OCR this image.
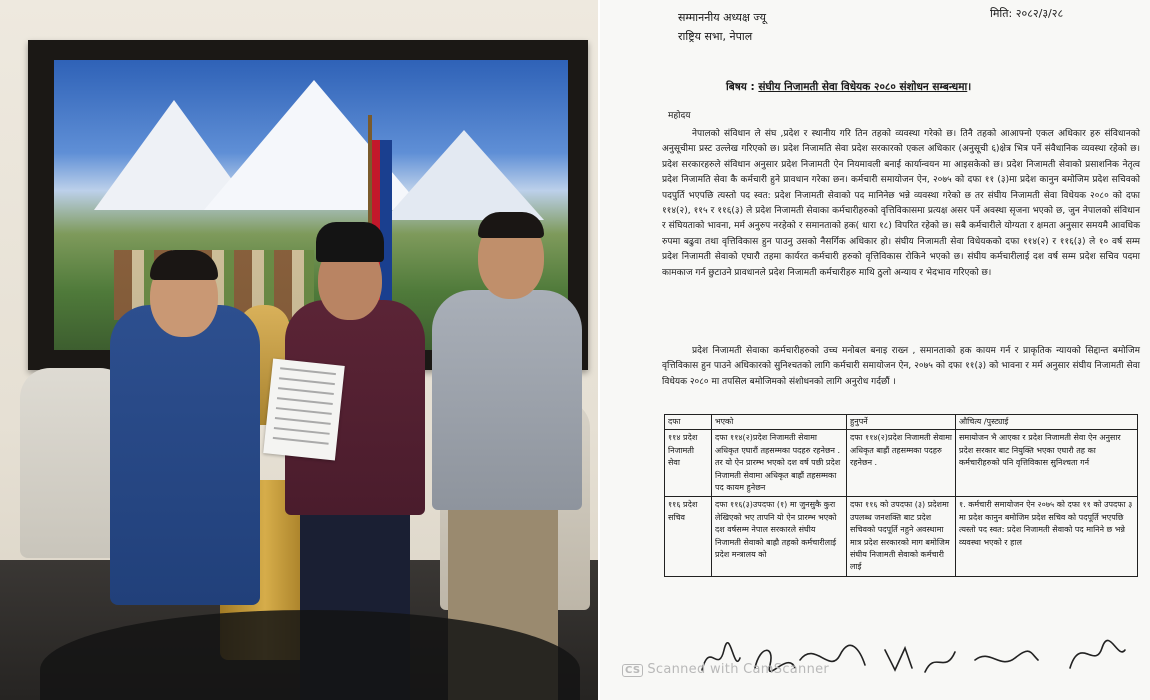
सम्माननीय अध्यक्ष ज्यू
राष्ट्रिय सभा, नेपाल
मिति: २०८२/३/२८
बिषय : संघीय निजामती सेवा विधेयक २०८० संशोधन सम्बन्धमा।
महोदय
नेपालको संविधान ले संघ ,प्रदेश र स्थानीय गरि तिन तहको व्यवस्था गरेको छ। तिनै तहको आआफ्नो एकल अधिकार हरु संविधानको अनुसूचीमा प्रस्ट उल्लेख गरिएको छ। प्रदेश निजामति सेवा प्रदेश सरकारको एकल अधिकार (अनुसूची ६)क्षेत्र भित्र पर्ने संवैधानिक व्यवस्था रहेको छ। प्रदेश सरकारहरुले संविधान अनुसार प्रदेश निजामती ऐन नियमावली बनाई कार्यान्वयन मा आइसकेको छ। प्रदेश निजामती सेवाको प्रसाशनिक नेतृत्व प्रदेश निजामति सेवा कै कर्मचारी हुने प्रावधान गरेका छन। कर्मचारी समायोजन ऐन, २०७५ को दफा ११ (३)मा प्रदेश कानुन बमोजिम प्रदेश सचिवको पदपुर्ति भएपछि त्यस्तो पद स्वत: प्रदेश निजामती सेवाको पद मानिनेछ भन्ने व्यवस्था गरेको छ तर संघीय निजामती सेवा विधेयक २०८० को दफा ११४(२), ११५ र ११६(३) ले प्रदेश निजामती सेवाका कर्मचारीहरुको वृत्तिविकासमा प्रत्यक्ष असर पर्ने अवस्था सृजना भएको छ, जुन नेपालको संविधान र संघियताको भावना, मर्म अनुरुप नरहेको र समानताको हक( धारा १८) विपरित रहेको छ। सबै कर्मचारीले योग्यता र क्षमता अनुसार समयमै आवधिक रुपमा बढुवा तथा वृत्तिविकास हुन पाउनु उसको नैसर्गिक अधिकार हो। संघीय निजामती सेवा विधेयकको दफा ११४(२) र ११६(३) ले १० वर्ष सम्म प्रदेश निजामती सेवाको एघारौ तहमा कार्यरत कर्मचारी हरुको वृत्तिविकास रोकिने भएको छ। संघीय कर्मचारीलाई दश वर्ष सम्म प्रदेश सचिव पदमा कामकाज गर्न छुटाउने प्रावधानले प्रदेश निजामती कर्मचारीहरु माथि ठुलो अन्याय र भेदभाव गरिएको छ।
प्रदेश निजामती सेवाका कर्मचारीहरुको उच्च मनोबल बनाइ राख्न , समानताको हक कायम गर्न र प्राकृतिक न्यायको सिद्दान्त बमोजिम वृत्तिविकास हुन पाउने अधिकारको सुनिश्चतको लागि कर्मचारी समायोजन ऐन, २०७५ को दफा ११(३) को भावना र मर्म अनुसार संघीय निजामती सेवा विधेयक २०८० मा तपसिल बमोजिमको संशोधनको लागि अनुरोध गर्दछौं ।
दफा	भएको	हुनुपर्ने	औचित्य /पुस्ट्याई
११४ प्रदेश निजामती सेवा	दफा ११४(२)प्रदेश निजामती सेवामा अधिकृत एघारौं तहसम्मका पदहरु रहनेछन . तर यो ऐन प्रारम्भ भएको दश वर्ष पछी प्रदेश निजामती सेवामा अधिकृत बाह्रौं तहसम्मका पद कायम हुनेछन	दफा ११४(२)प्रदेश निजामती सेवामा अधिकृत बाह्रौं तहसम्मका पदहरु रहनेछन .	समायोजन भै आएका र प्रदेश निजामती सेवा ऐन अनुसार प्रदेश सरकार बाट नियुक्ति भएका एघारौ तह का कर्मचारीहरुको पनि वृत्तिविकास सुनिश्चता गर्न
११६ प्रदेश सचिव	दफा ११६(३)उपदफा (१) मा जुनसुकै कुरा लेखिएको भए तापनि यो ऐन प्रारम्भ भएको दश वर्षसम्म नेपाल सरकारले संघीय निजामती सेवाको बाह्रौ तहको कर्मचारीलाई प्रदेश मन्त्रालय को	दफा ११६ को उपदफा (३) प्रदेशमा उपलब्ध जनशक्ति बाट प्रदेश सचिवको पदपूर्ति नहुने अवस्थामा मात्र प्रदेश सरकारको माग बमोजिम संघीय निजामती सेवाको कर्मचारी लाई	१. कर्मचारी समायोजन ऐन २०७५ को दफा ११ को उपदफा ३ मा प्रदेश कानुन बमोजिम प्रदेश सचिव को पदपूर्ति भएपछि त्यस्तो पद स्वत: प्रदेश निजामती सेवाको पद मानिने छ भन्ने व्यवस्था भएको र हाल
CS Scanned with CamScanner
